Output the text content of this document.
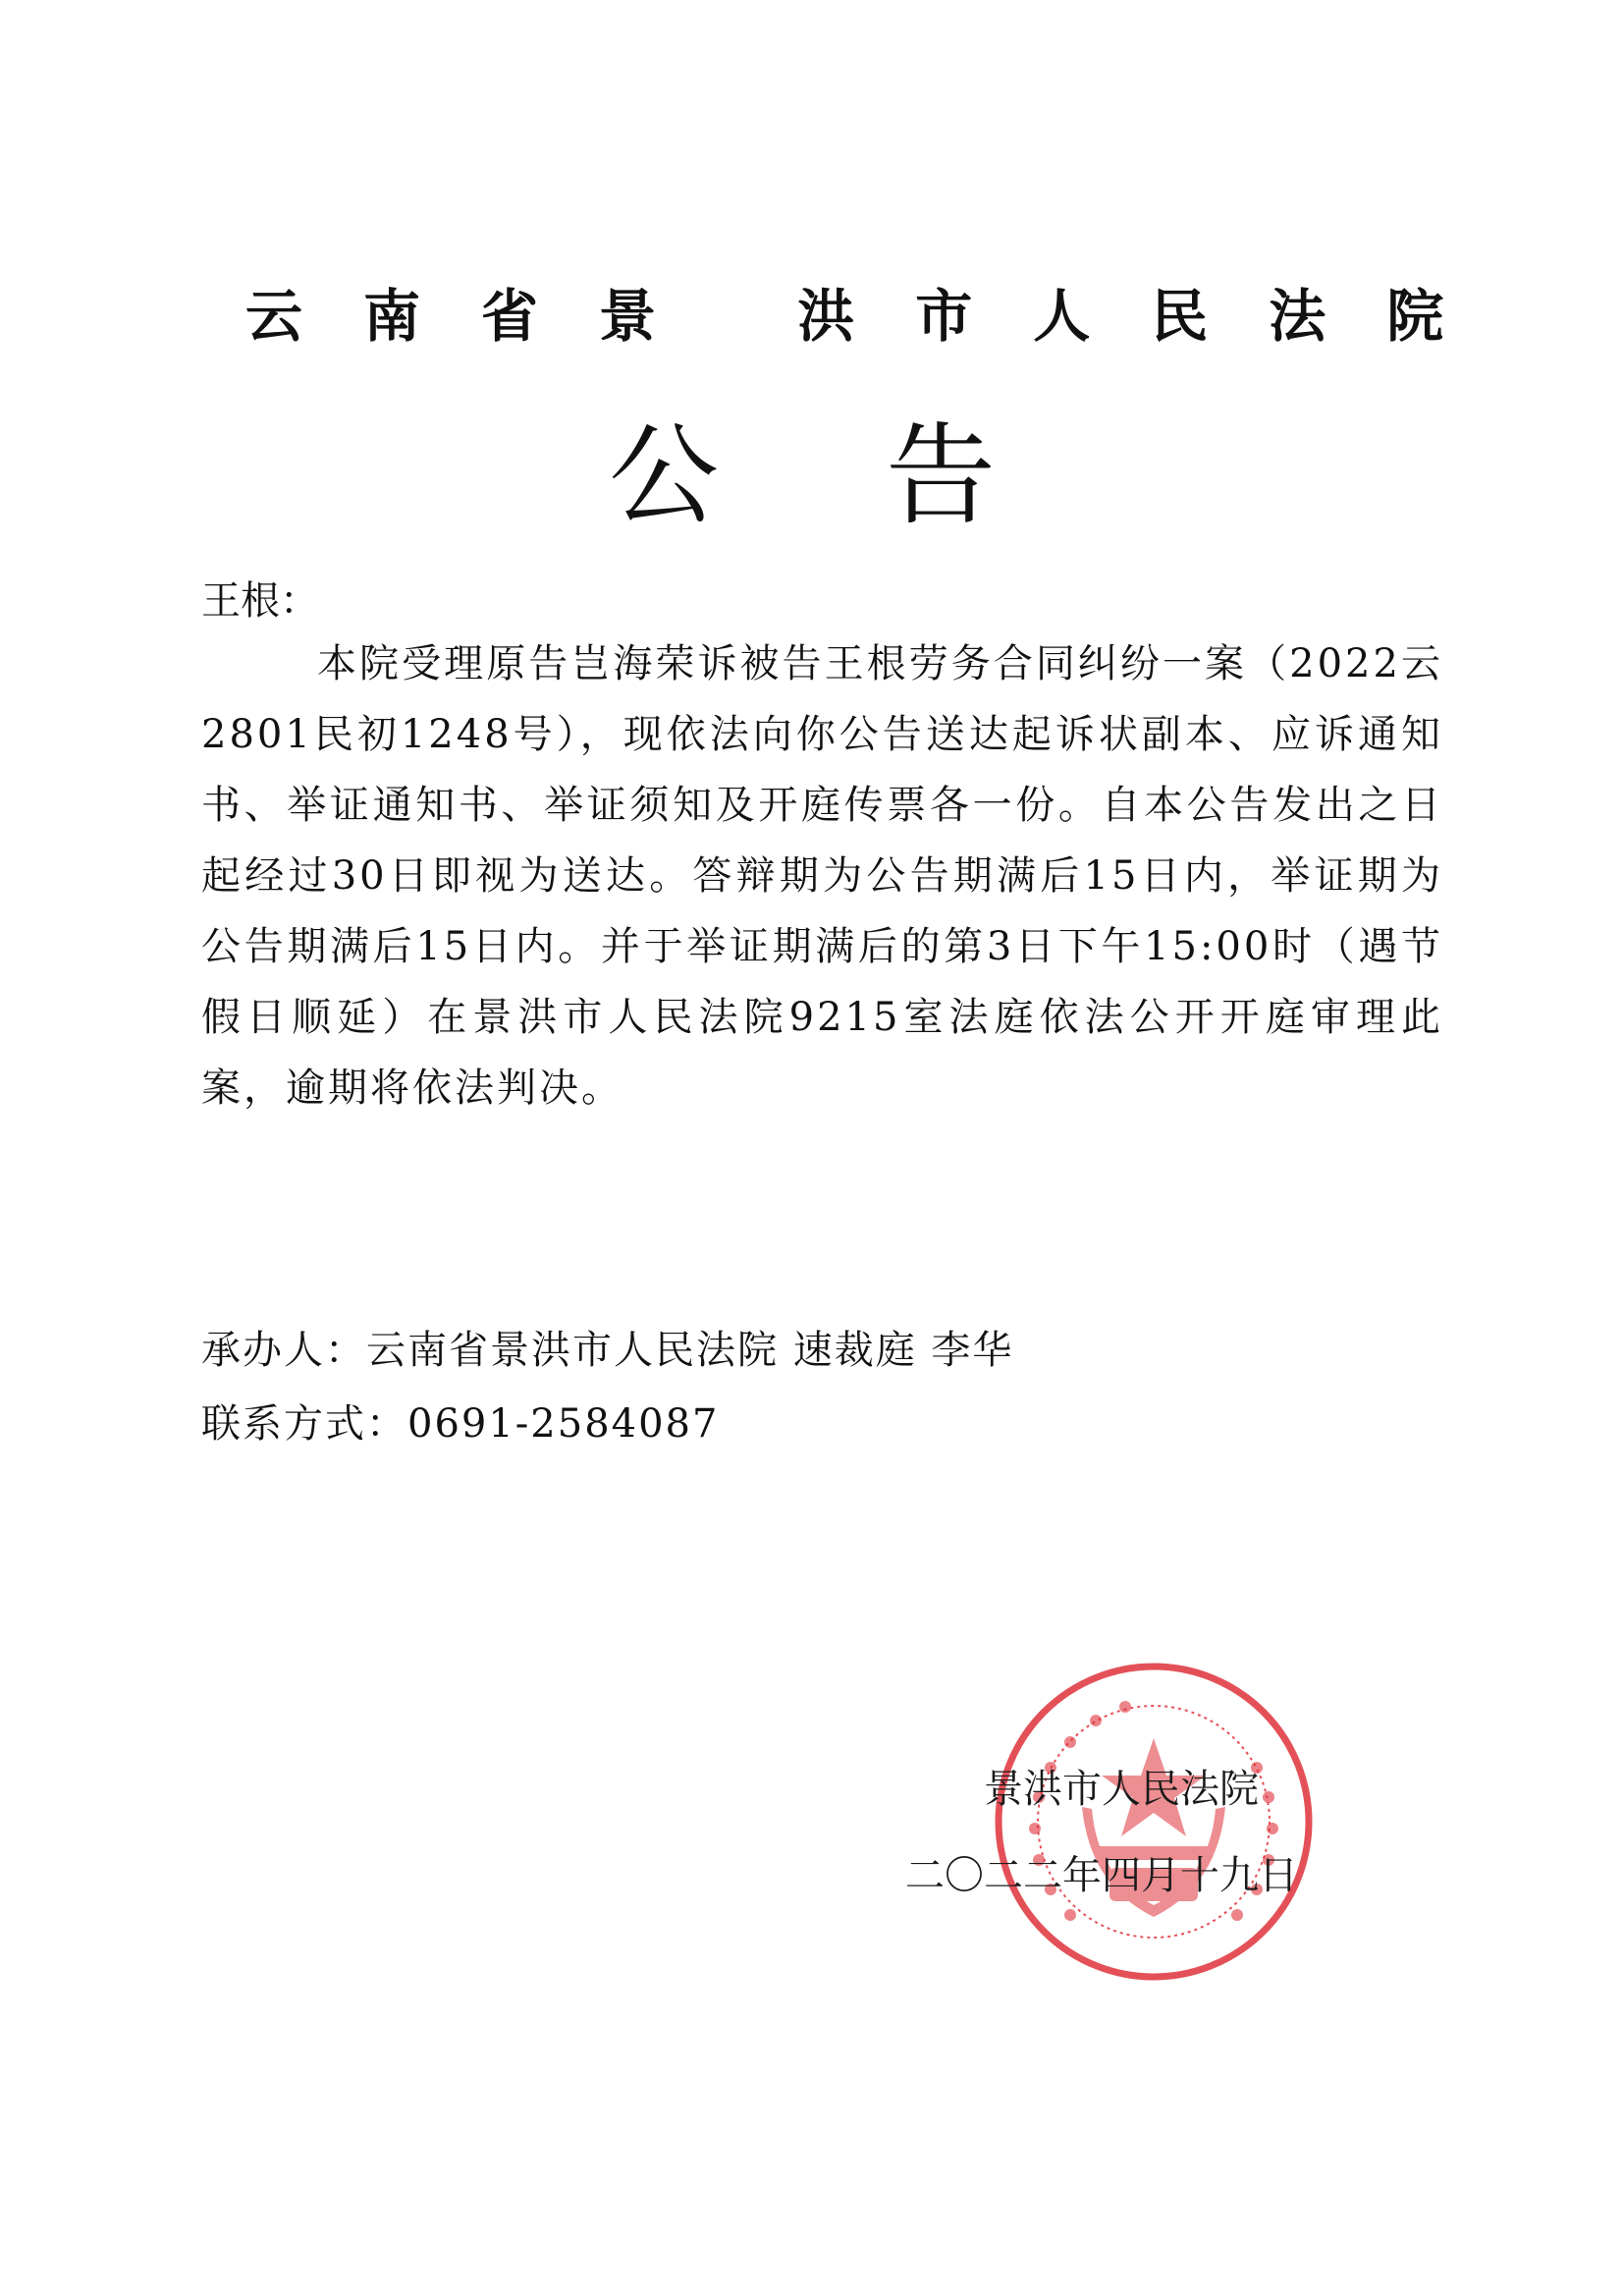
云南省景 洪市人民法院
公告
王根：

本院受理原告岂海荣诉被告王根劳务合同纠纷一案（2022云2801民初1248号），现依法向你公告送达起诉状副本、应诉通知书、举证通知书、举证须知及开庭传票各一份。自本公告发出之日起经过30日即视为送达。答辩期为公告期满后15日内，举证期为公告期满后15日内。并于举证期满后的第3日下午15:00时（遇节假日顺延）在景洪市人民法院9215室法庭依法公开开庭审理此案，逾期将依法判决。

承办人：云南省景洪市人民法院 速裁庭 李华
联系方式：0691-2584087
景洪市人民法院
二〇二二年四月十九日
